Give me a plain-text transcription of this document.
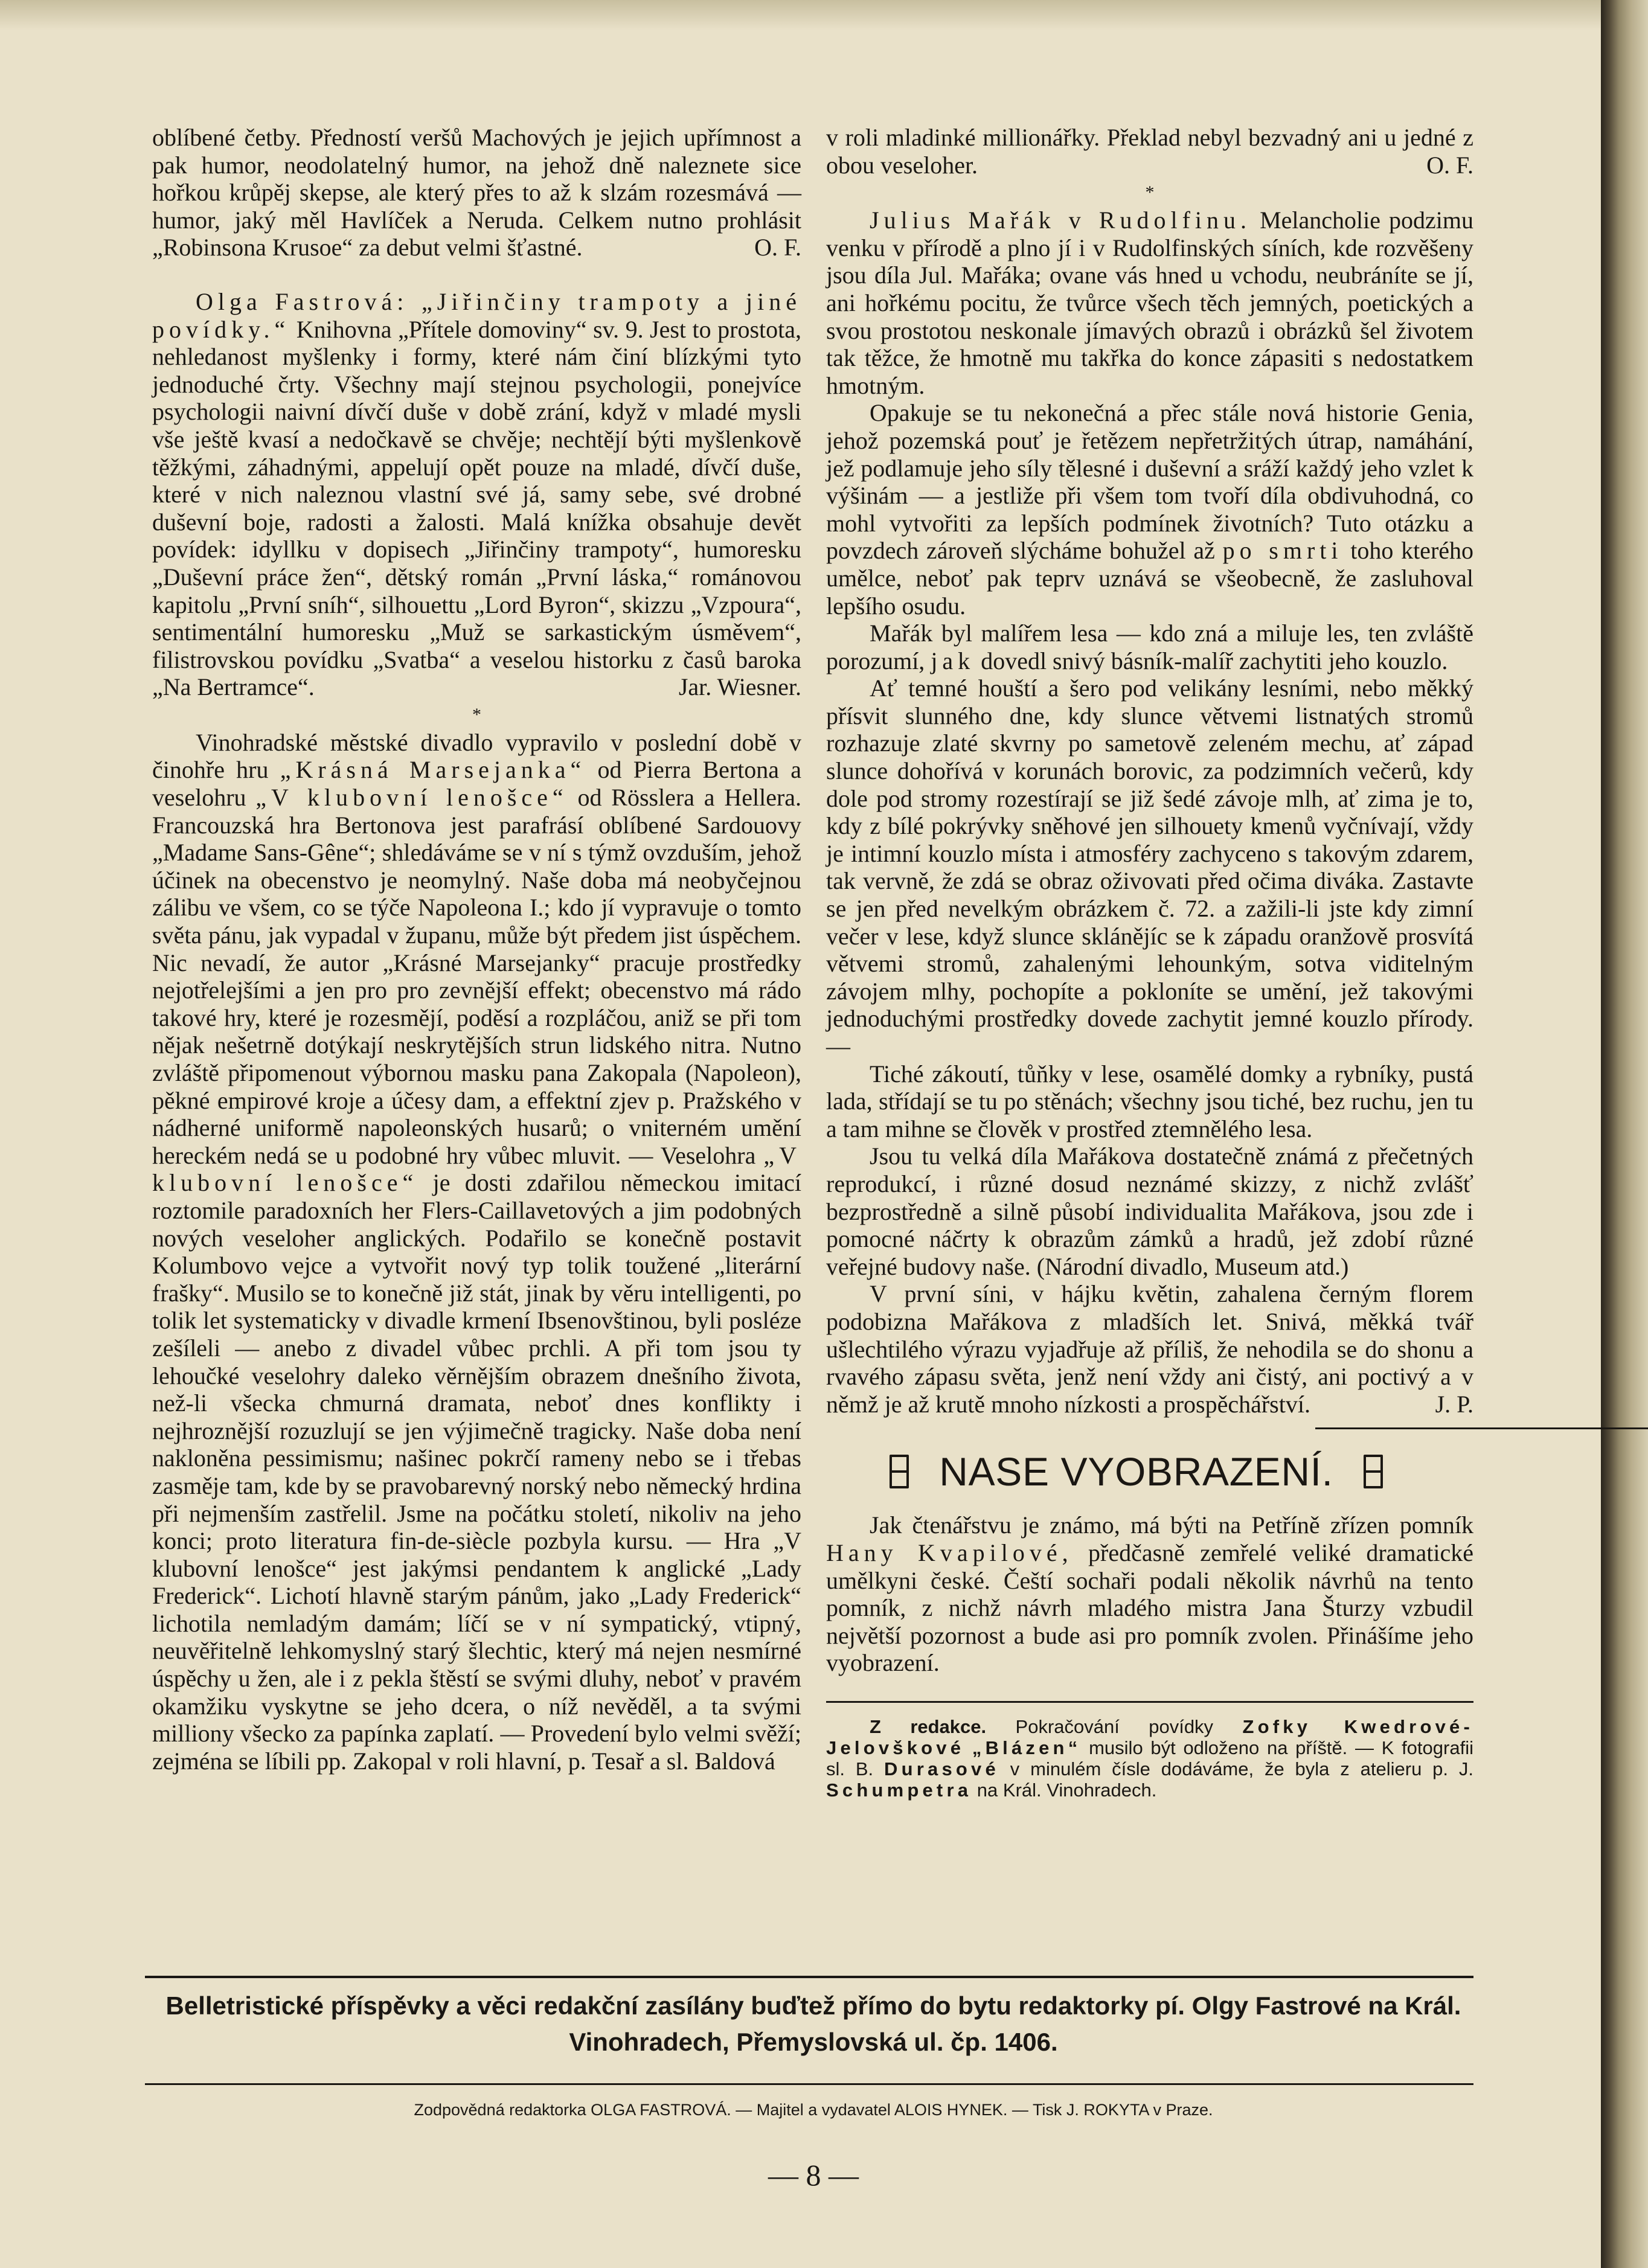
oblíbené četby. Předností veršů Machových je jejich upřímnost a pak humor, neodolatelný humor, na jehož dně naleznete sice hořkou krůpěj skepse, ale který přes to až k slzám rozesmává — humor, jaký měl Havlíček a Neruda. Celkem nutno prohlásit „Robinsona Krusoe“ za debut velmi šťastné.	O. F.

Olga Fastrová: „Jiřinčiny trampoty a jiné povídky.“ Knihovna „Přítele domoviny“ sv. 9. Jest to prostota, nehledanost myšlenky i formy, které nám činí blízkými tyto jednoduché črty. Všechny mají stejnou psychologii, ponejvíce psychologii naivní dívčí duše v době zrání, když v mladé mysli vše ještě kvasí a nedočkavě se chvěje; nechtějí býti myšlenkově těžkými, záhadnými, appelují opět pouze na mladé, dívčí duše, které v nich naleznou vlastní své já, samy sebe, své drobné duševní boje, radosti a žalosti. Malá knížka obsahuje devět povídek: idyllku v dopisech „Jiřinčiny trampoty“, humoresku „Duševní práce žen“, dětský román „První láska,“ románovou kapitolu „První sníh“, silhouettu „Lord Byron“, skizzu „Vzpoura“, sentimentální humoresku „Muž se sarkastickým úsměvem“, filistrovskou povídku „Svatba“ a veselou historku z časů baroka „Na Bertramce“.	Jar. Wiesner.

*

Vinohradské městské divadlo vypravilo v poslední době v činohře hru „Krásná Marsejanka“ od Pierra Bertona a veselohru „V klubovní lenošce“ od Rösslera a Hellera. Francouzská hra Bertonova jest parafrásí oblíbené Sardouovy „Madame Sans-Gêne“; shledáváme se v ní s týmž ovzduším, jehož účinek na obecenstvo je neomylný. Naše doba má neobyčejnou zálibu ve všem, co se týče Napoleona I.; kdo jí vypravuje o tomto světa pánu, jak vypadal v županu, může být předem jist úspěchem. Nic nevadí, že autor „Krásné Marsejanky“ pracuje prostředky nejotřelejšími a jen pro pro zevnější effekt; obecenstvo má rádo takové hry, které je rozesmějí, poděsí a rozpláčou, aniž se při tom nějak nešetrně dotýkají neskrytějších strun lidského nitra. Nutno zvláště připomenout výbornou masku pana Zakopala (Napoleon), pěkné empirové kroje a účesy dam, a effektní zjev p. Pražského v nádherné uniformě napoleonských husarů; o vniterném umění hereckém nedá se u podobné hry vůbec mluvit. — Veselohra „V klubovní lenošce“ je dosti zdařilou německou imitací roztomile paradoxních her Flers-Caillavetových a jim podobných nových veseloher anglických. Podařilo se konečně postavit Kolumbovo vejce a vytvořit nový typ tolik toužené „literární frašky“. Musilo se to konečně již stát, jinak by věru intelligenti, po tolik let systematicky v divadle krmení Ibsenovštinou, byli posléze zešíleli — anebo z divadel vůbec prchli. A při tom jsou ty lehoučké veselohry daleko věrnějším obrazem dnešního života, než-li všecka chmurná dramata, neboť dnes konflikty i nejhroznější rozuzlují se jen výjimečně tragicky. Naše doba není nakloněna pessimismu; našinec pokrčí rameny nebo se i třebas zasměje tam, kde by se pravobarevný norský nebo německý hrdina při nejmenším zastřelil. Jsme na počátku století, nikoliv na jeho konci; proto literatura fin-de-siècle pozbyla kursu. — Hra „V klubovní lenošce“ jest jakýmsi pendantem k anglické „Lady Frederick“. Lichotí hlavně starým pánům, jako „Lady Frederick“ lichotila nemladým damám; líčí se v ní sympatický, vtipný, neuvěřitelně lehkomyslný starý šlechtic, který má nejen nesmírné úspěchy u žen, ale i z pekla štěstí se svými dluhy, neboť v pravém okamžiku vyskytne se jeho dcera, o níž nevěděl, a ta svými milliony všecko za papínka zaplatí. — Provedení bylo velmi svěží; zejména se líbili pp. Zakopal v roli hlavní, p. Tesař a sl. Baldová

v roli mladinké millionářky. Překlad nebyl bezvadný ani u jedné z obou veseloher.	O. F.

*

Julius Mařák v Rudolfinu. Melancholie podzimu venku v přírodě a plno jí i v Rudolfinských síních, kde rozvěšeny jsou díla Jul. Mařáka; ovane vás hned u vchodu, neubráníte se jí, ani hořkému pocitu, že tvůrce všech těch jemných, poetických a svou prostotou neskonale jímavých obrazů i obrázků šel životem tak těžce, že hmotně mu takřka do konce zápasiti s nedostatkem hmotným.

Opakuje se tu nekonečná a přec stále nová historie Genia, jehož pozemská pouť je řetězem nepřetržitých útrap, namáhání, jež podlamuje jeho síly tělesné i duševní a sráží každý jeho vzlet k výšinám — a jestliže při všem tom tvoří díla obdivuhodná, co mohl vytvořiti za lepších podmínek životních? Tuto otázku a povzdech zároveň slýcháme bohužel až po smrti toho kterého umělce, neboť pak teprv uznává se všeobecně, že zasluhoval lepšího osudu.

Mařák byl malířem lesa — kdo zná a miluje les, ten zvláště porozumí, jak dovedl snivý básník-malíř zachytiti jeho kouzlo.

Ať temné houští a šero pod velikány lesními, nebo měkký přísvit slunného dne, kdy slunce větvemi listnatých stromů rozhazuje zlaté skvrny po sametově zeleném mechu, ať západ slunce dohořívá v korunách borovic, za podzimních večerů, kdy dole pod stromy rozestírají se již šedé závoje mlh, ať zima je to, kdy z bílé pokrývky sněhové jen silhouety kmenů vyčnívají, vždy je intimní kouzlo místa i atmosféry zachyceno s takovým zdarem, tak vervně, že zdá se obraz oživovati před očima diváka. Zastavte se jen před nevelkým obrázkem č. 72. a zažili-li jste kdy zimní večer v lese, když slunce sklánějíc se k západu oranžově prosvítá větvemi stromů, zahalenými lehounkým, sotva viditelným závojem mlhy, pochopíte a pokloníte se umění, jež takovými jednoduchými prostředky dovede zachytit jemné kouzlo přírody. —

Tiché zákoutí, tůňky v lese, osamělé domky a rybníky, pustá lada, střídají se tu po stěnách; všechny jsou tiché, bez ruchu, jen tu a tam mihne se člověk v prostřed ztemnělého lesa.

Jsou tu velká díla Mařákova dostatečně známá z přečetných reprodukcí, i různé dosud neznámé skizzy, z nichž zvlášť bezprostředně a silně působí individualita Mařákova, jsou zde i pomocné náčrty k obrazům zámků a hradů, jež zdobí různé veřejné budovy naše. (Národní divadlo, Museum atd.)

V první síni, v hájku květin, zahalena černým florem podobizna Mařákova z mladších let. Snivá, měkká tvář ušlechtilého výrazu vyjadřuje až příliš, že nehodila se do shonu a rvavého zápasu světa, jenž není vždy ani čistý, ani poctivý a v němž je až krutě mnoho nízkosti a prospěchářství.	J. P.

NASE VYOBRAZENÍ.

Jak čtenářstvu je známo, má býti na Petříně zřízen pomník Hany Kvapilové, předčasně zemřelé veliké dramatické umělkyni české. Čeští sochaři podali několik návrhů na tento pomník, z nichž návrh mladého mistra Jana Šturzy vzbudil největší pozornost a bude asi pro pomník zvolen. Přinášíme jeho vyobrazení.

Z redakce. Pokračování povídky Zofky Kwedrové-Jelovškové „Blázen“ musilo být odloženo na příště. — K fotografii sl. B. Durasové v minulém čísle dodáváme, že byla z atelieru p. J. Schumpetra na Král. Vinohradech.

Belletristické příspěvky a věci redakční zasílány buďtež přímo do bytu redaktorky pí. Olgy Fastrové na Král. Vinohradech, Přemyslovská ul. čp. 1406.
Zodpovědná redaktorka OLGA FASTROVÁ. — Majitel a vydavatel ALOIS HYNEK. — Tisk J. ROKYTA v Praze.
— 8 —
